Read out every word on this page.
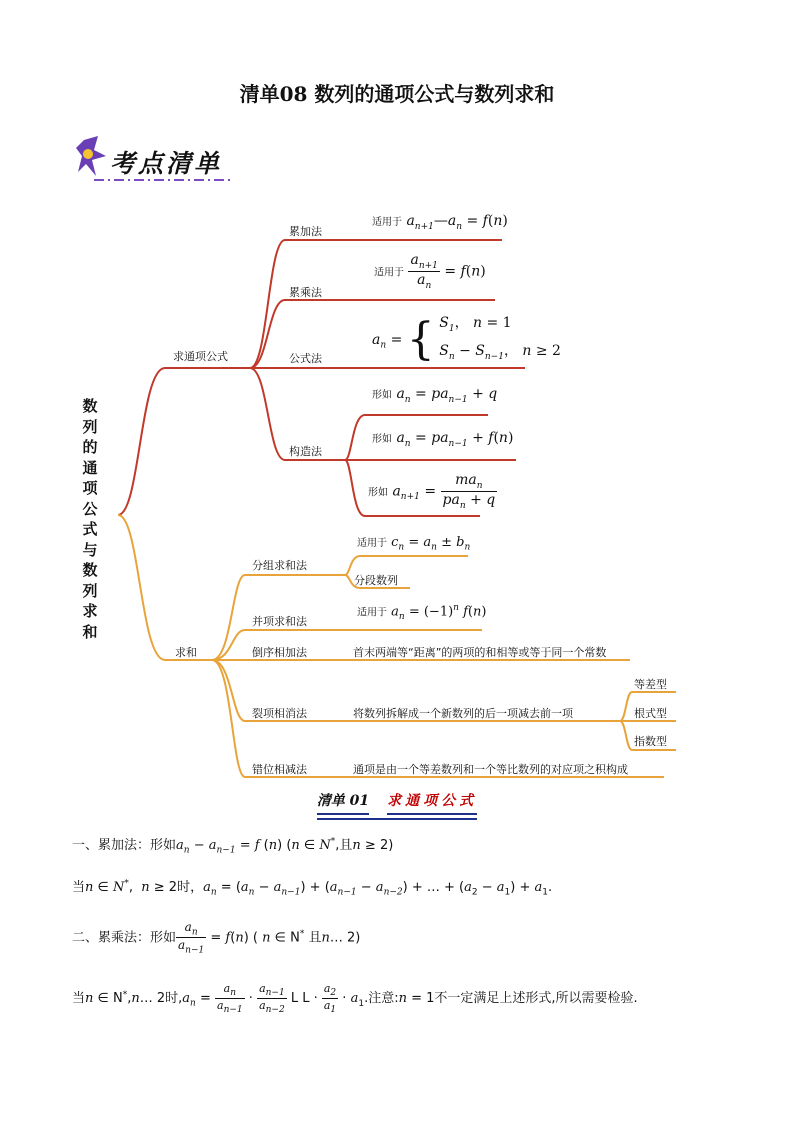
清单08 数列的通项公式与数列求和
考点清单
数
列
的
通
项
公
式
与
数
列
求
和
求通项公式
求和
累加法
累乘法
公式法
构造法
适用于 $a_{n+1}—a_n = f(n)$
适用于 $\frac{a_{n+1}}{a_n} = f(n)$
$a_n$ = { $S_1$， n = 1
$S_n - S_{n-1}$， n ≥ 2
形如 $a_n = pa_{n-1} + q$
形如 $a_n = pa_{n-1} + f(n)$
形如 $a_{n+1} = \frac{ma_n}{pa_n + q}$
分组求和法
适用于 $c_n = a_n \pm b_n$
分段数列
并项求和法
适用于 $a_n = (-1)^n$ f(n)
倒序相加法	首末两端等“距离”的两项的和相等或等于同一个常数
裂项相消法	将数列拆解成一个新数列的后一项减去前一项
等差型
根式型
指数型
错位相减法	通项是由一个等差数列和一个等比数列的对应项之积构成
清单 01 求通项公式
一、累加法：形如$a_n - a_{n-1} = f$ (n) (n ∈ N*,且n ≥ 2)
当n ∈ N*,  n ≥ 2时，$a_n = (a_n - a_{n-1}) + (a_{n-1} - a_{n-2})$ + … + $(a_2 - a_1) + a_1$.
二、累乘法：形如 $\frac{a_n}{a_{n-1}} = f(n)$ ( n ∈ N* 且n… 2)
当n ∈ N*,n… 2时$,a_n = \frac{a_n}{a_{n-1}} \cdot \frac{a_{n-1}}{a_{n-2}}$ L $L \cdot \frac{a_2}{a_1} \cdot a_1$.注意:n = 1不一定满足上述形式,所以需要检验.
